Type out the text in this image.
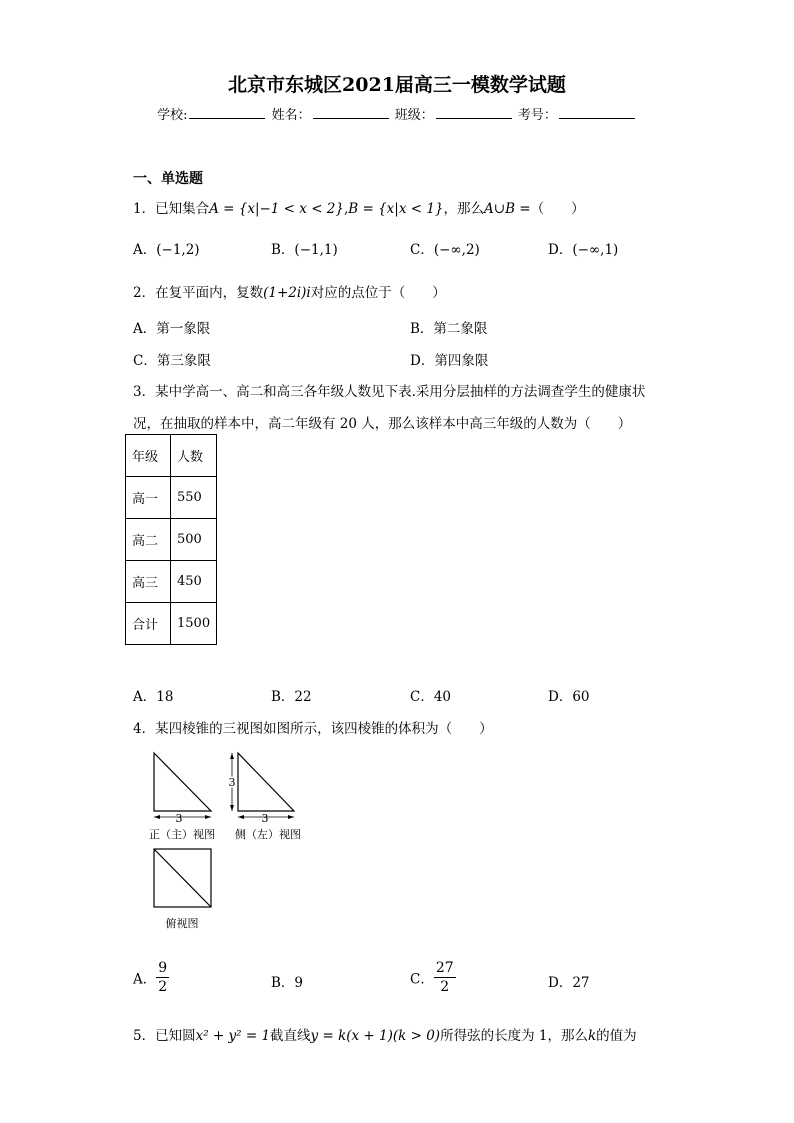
北京市东城区2021届高三一模数学试题
学校:	姓名：	班级：	考号：
一、单选题
1．已知集合A = {x|−1 < x < 2},B = {x|x < 1}，那么A∪B =（　　）
A．(−1,2)	B．(−1,1)	C．(−∞,2)	D．(−∞,1)
2．在复平面内，复数(1+2i)i对应的点位于（　　）
A．第一象限	B．第二象限
C．第三象限	D．第四象限
3．某中学高一、高二和高三各年级人数见下表.采用分层抽样的方法调查学生的健康状
况，在抽取的样本中，高二年级有 20 人，那么该样本中高三年级的人数为（　　）
年级	人数
高一	550
高二	500
高三	450
合计	1500
A．18	B．22	C．40	D．60
4．某四棱锥的三视图如图所示，该四棱锥的体积为（　　）
3
正（主）视图
3
3
侧（左）视图
俯视图
A． $\frac{9}{2}$	B．9	C． $\frac{27}{2}$	D．27
5．已知圆x² + y² = 1截直线y = k(x + 1)(k > 0)所得弦的长度为 1，那么k的值为
